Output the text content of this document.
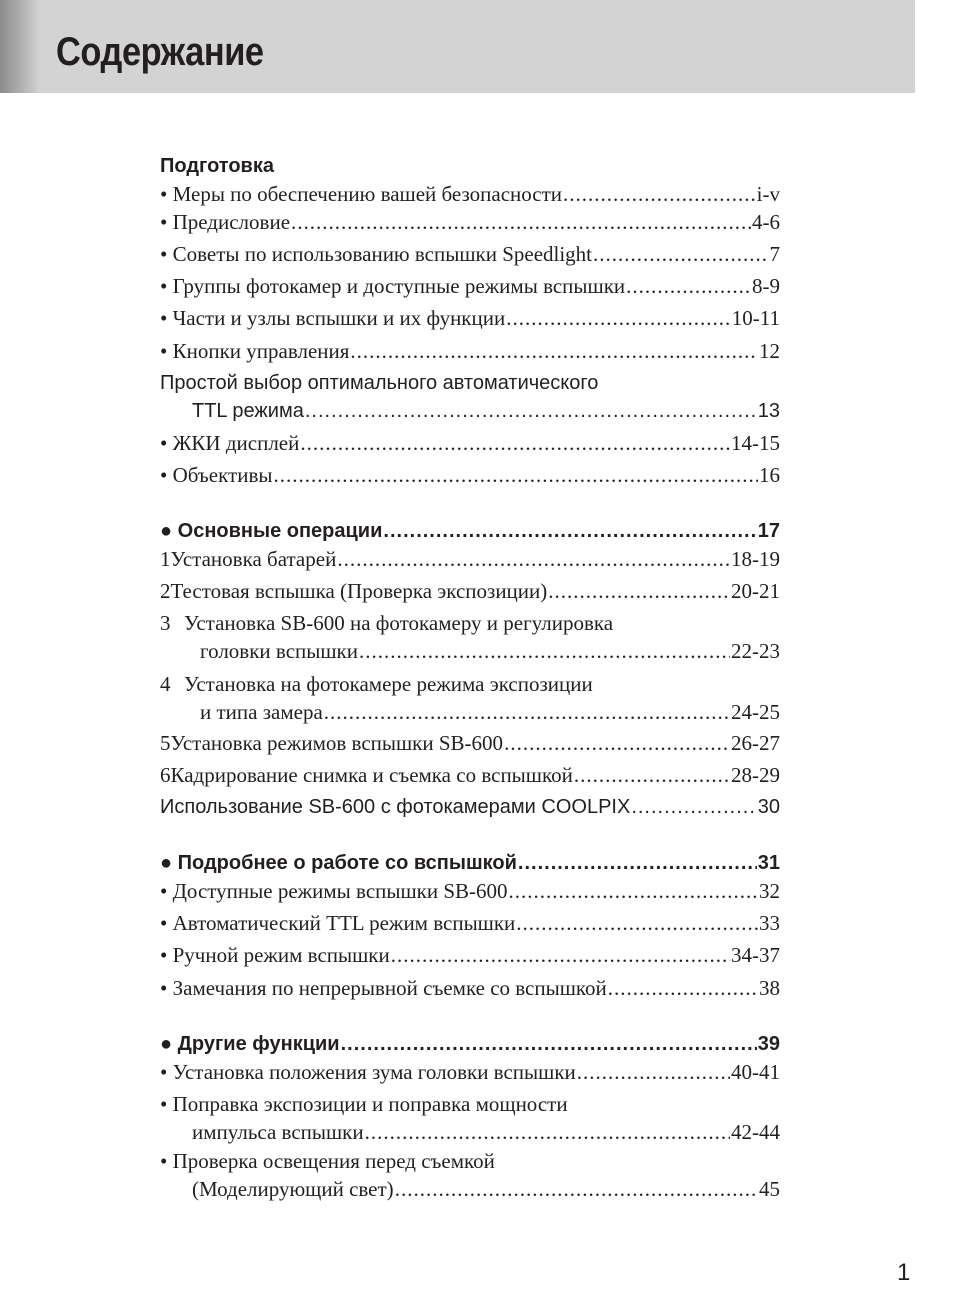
Содержание
Подготовка
• Меры по обеспечению вашей безопасности .....	i-v
• Предисловие .....	4-6
• Советы по использованию вспышки Speedlight .....	7
• Группы фотокамер и доступные режимы вспышки .....	8-9
• Части и узлы вспышки и их функции .....	10-11
• Кнопки управления .....	12
Простой выбор оптимального автоматического
TTL режима .....	13
• ЖКИ дисплей .....	14-15
• Объективы .....	16
● Основные операции .....	17
1 Установка батарей .....	18-19
2 Тестовая вспышка (Проверка экспозиции) .....	20-21
3 Установка SB-600 на фотокамеру и регулировка
головки вспышки .....	22-23
4 Установка на фотокамере режима экспозиции
и типа замера .....	24-25
5 Установка режимов вспышки SB-600 .....	26-27
6 Кадрирование снимка и съемка со вспышкой .....	28-29
Использование SB-600 с фотокамерами COOLPIX .....	30
● Подробнее о работе со вспышкой .....	31
• Доступные режимы вспышки SB-600 .....	32
• Автоматический TTL режим вспышки .....	33
• Ручной режим вспышки .....	34-37
• Замечания по непрерывной съемке со вспышкой .....	38
● Другие функции .....	39
• Установка положения зума головки вспышки .....	40-41
• Поправка экспозиции и поправка мощности
импульса вспышки .....	42-44
• Проверка освещения перед съемкой
(Моделирующий свет) .....	45
1
